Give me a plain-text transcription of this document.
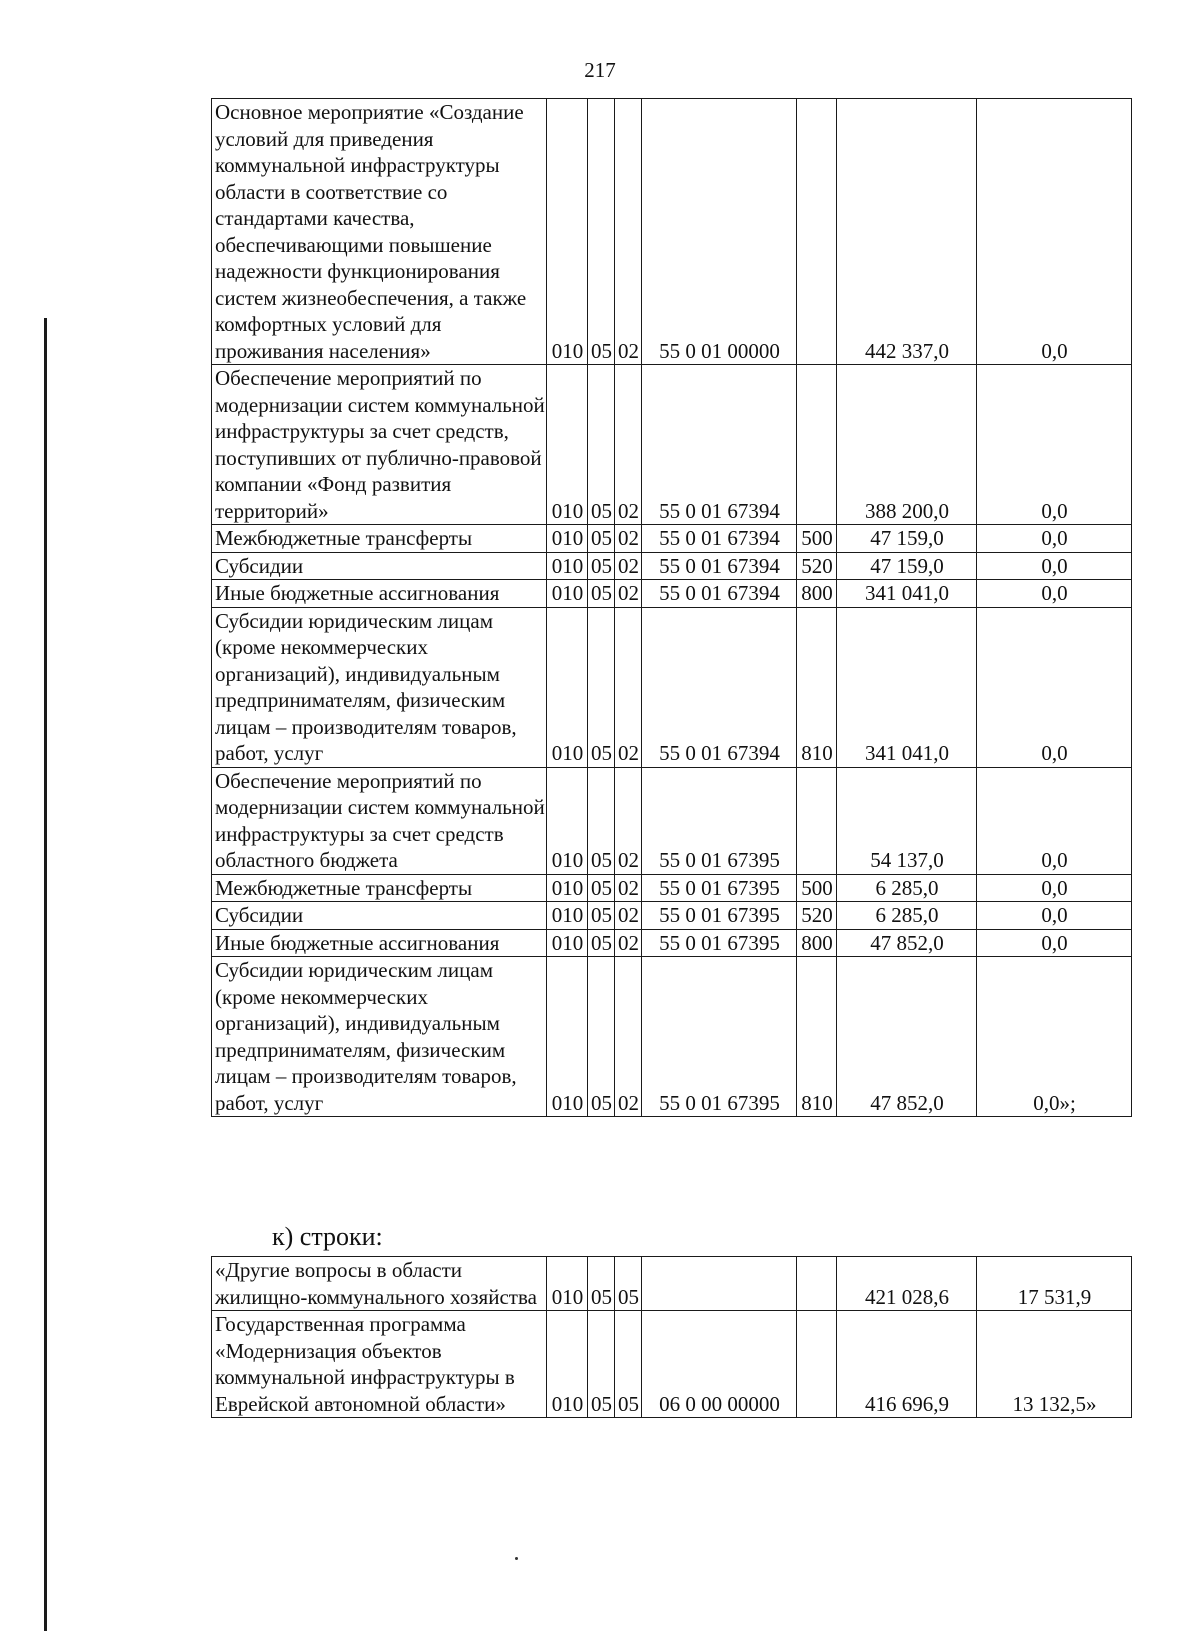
217
Основное мероприятие «Создание условий для приведения коммунальной инфраструктуры области в соответствие со стандартами качества, обеспечивающими повышение надежности функционирования систем жизнеобеспечения, а также комфортных условий для проживания населения»	010	05	02	55 0 01 00000		442 337,0	0,0
Обеспечение мероприятий по модернизации систем коммунальной инфраструктуры за счет средств, поступивших от публично-правовой компании «Фонд развития территорий»	010	05	02	55 0 01 67394		388 200,0	0,0
Межбюджетные трансферты	010	05	02	55 0 01 67394	500	47 159,0	0,0
Субсидии	010	05	02	55 0 01 67394	520	47 159,0	0,0
Иные бюджетные ассигнования	010	05	02	55 0 01 67394	800	341 041,0	0,0
Субсидии юридическим лицам (кроме некоммерческих организаций), индивидуальным предпринимателям, физическим лицам – производителям товаров, работ, услуг	010	05	02	55 0 01 67394	810	341 041,0	0,0
Обеспечение мероприятий по модернизации систем коммунальной инфраструктуры за счет средств областного бюджета	010	05	02	55 0 01 67395		54 137,0	0,0
Межбюджетные трансферты	010	05	02	55 0 01 67395	500	6 285,0	0,0
Субсидии	010	05	02	55 0 01 67395	520	6 285,0	0,0
Иные бюджетные ассигнования	010	05	02	55 0 01 67395	800	47 852,0	0,0
Субсидии юридическим лицам (кроме некоммерческих организаций), индивидуальным предпринимателям, физическим лицам – производителям товаров, работ, услуг	010	05	02	55 0 01 67395	810	47 852,0	0,0»;
к) строки:
«Другие вопросы в области жилищно-коммунального хозяйства	010	05	05			421 028,6	17 531,9
Государственная программа «Модернизация объектов коммунальной инфраструктуры в Еврейской автономной области»	010	05	05	06 0 00 00000		416 696,9	13 132,5»
